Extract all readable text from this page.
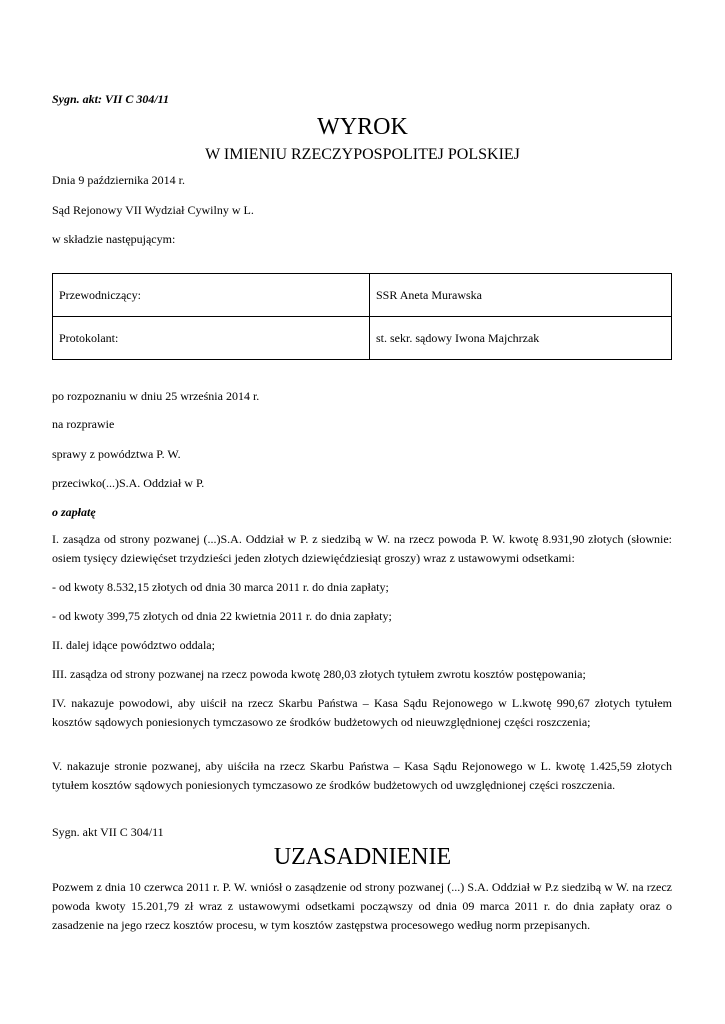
Sygn. akt: VII C 304/11

WYROK

W IMIENIU RZECZYPOSPOLITEJ POLSKIEJ

Dnia 9 października 2014 r.

Sąd Rejonowy VII Wydział Cywilny w L.

w składzie następującym:

Przewodniczący:	SSR Aneta Murawska
Protokolant:	st. sekr. sądowy Iwona Majchrzak

po rozpoznaniu w dniu 25 września 2014 r.

na rozprawie

sprawy z powództwa P. W.

przeciwko(...)S.A. Oddział w P.

o zapłatę

I. zasądza od strony pozwanej (...)S.A. Oddział w P. z siedzibą w W. na rzecz powoda P. W. kwotę 8.931,90 złotych (słownie: osiem tysięcy dziewięćset trzydzieści jeden złotych dziewięćdziesiąt groszy) wraz z ustawowymi odsetkami:

- od kwoty 8.532,15 złotych od dnia 30 marca 2011 r. do dnia zapłaty;

- od kwoty 399,75 złotych od dnia 22 kwietnia 2011 r. do dnia zapłaty;

II. dalej idące powództwo oddala;

III. zasądza od strony pozwanej na rzecz powoda kwotę 280,03 złotych tytułem zwrotu kosztów postępowania;

IV. nakazuje powodowi, aby uiścił na rzecz Skarbu Państwa – Kasa Sądu Rejonowego w L.kwotę 990,67 złotych tytułem kosztów sądowych poniesionych tymczasowo ze środków budżetowych od nieuwzględnionej części roszczenia;

V. nakazuje stronie pozwanej, aby uiściła na rzecz Skarbu Państwa – Kasa Sądu Rejonowego w L. kwotę 1.425,59 złotych tytułem kosztów sądowych poniesionych tymczasowo ze środków budżetowych od uwzględnionej części roszczenia.

Sygn. akt VII C 304/11

UZASADNIENIE

Pozwem z dnia 10 czerwca 2011 r. P. W. wniósł o zasądzenie od strony pozwanej (...) S.A. Oddział w P.z siedzibą w W. na rzecz powoda kwoty 15.201,79 zł wraz z ustawowymi odsetkami począwszy od dnia 09 marca 2011 r. do dnia zapłaty oraz o zasadzenie na jego rzecz kosztów procesu, w tym kosztów zastępstwa procesowego według norm przepisanych.
